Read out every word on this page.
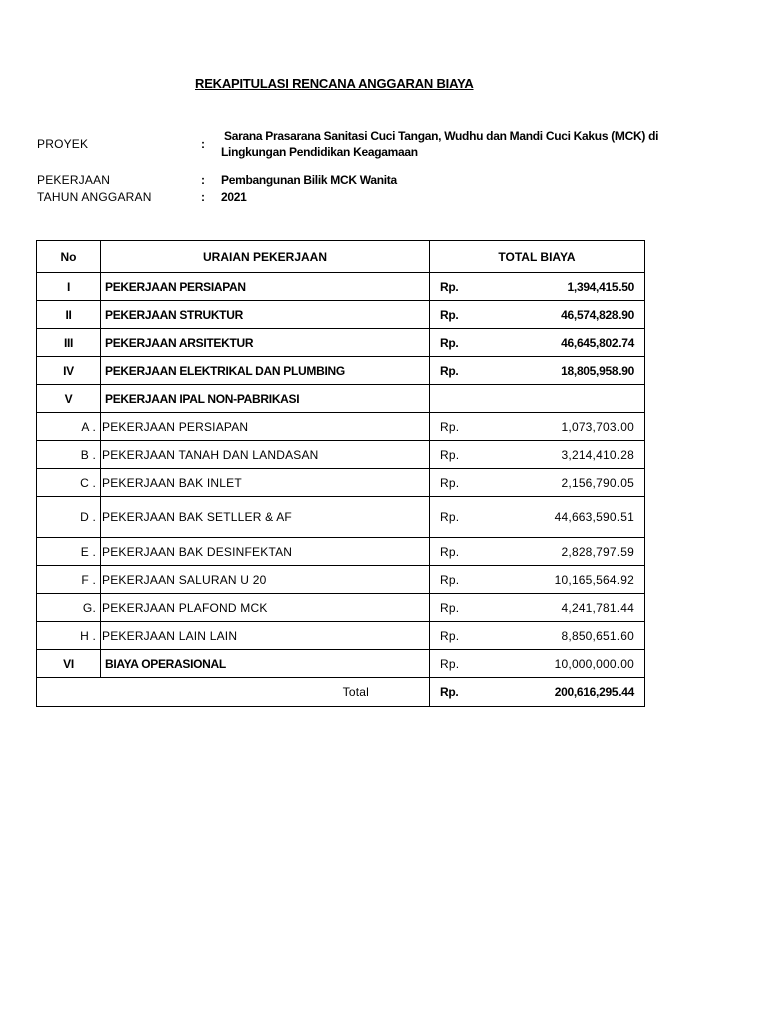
REKAPITULASI RENCANA ANGGARAN BIAYA
PROYEK	:
Sarana Prasarana Sanitasi Cuci Tangan, Wudhu dan Mandi Cuci Kakus (MCK) di
Lingkungan Pendidikan Keagamaan
PEKERJAAN	: Pembangunan Bilik MCK Wanita
TAHUN ANGGARAN	: 2021
No	URAIAN PEKERJAAN	TOTAL BIAYA
I	PEKERJAAN PERSIAPAN	Rp. 1,394,415.50

II	PEKERJAAN STRUKTUR	Rp. 46,574,828.90

III	PEKERJAAN ARSITEKTUR	Rp. 46,645,802.74

IV	PEKERJAAN ELEKTRIKAL DAN PLUMBING	Rp. 18,805,958.90

V	PEKERJAAN IPAL NON-PABRIKASI	

A .	PEKERJAAN PERSIAPAN	Rp. 1,073,703.00

B .	PEKERJAAN TANAH DAN LANDASAN	Rp. 3,214,410.28

C .	PEKERJAAN BAK INLET	Rp. 2,156,790.05

D .	PEKERJAAN BAK SETLLER & AF	Rp. 44,663,590.51

E .	PEKERJAAN BAK DESINFEKTAN	Rp. 2,828,797.59

F .	PEKERJAAN SALURAN U 20	Rp. 10,165,564.92

G.	PEKERJAAN PLAFOND MCK	Rp. 4,241,781.44

H .	PEKERJAAN LAIN LAIN	Rp. 8,850,651.60

VI	BIAYA OPERASIONAL	Rp. 10,000,000.00

Total		Rp. 200,616,295.44
